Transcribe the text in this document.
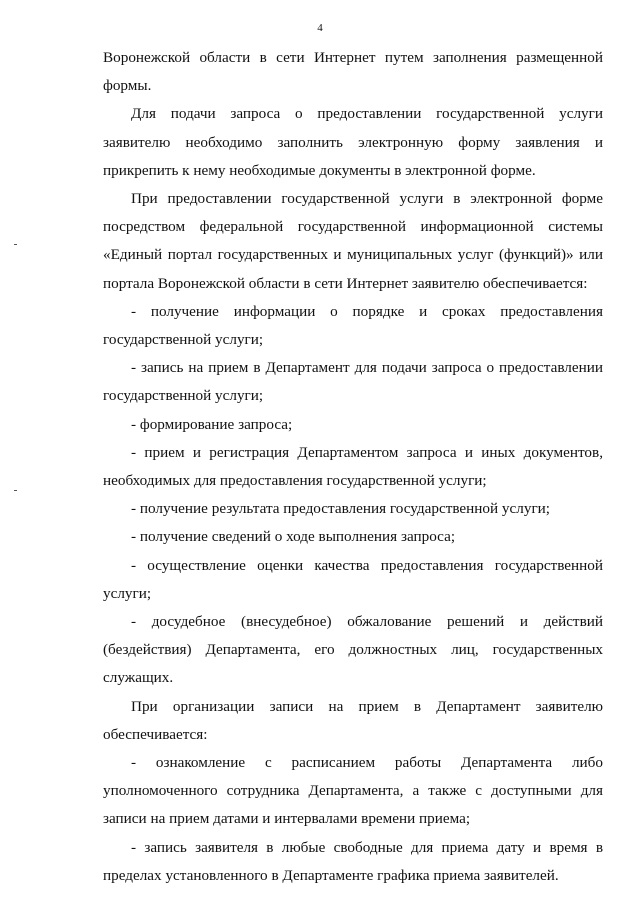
4

Воронежской области в сети Интернет путем заполнения размещенной формы.

Для подачи запроса о предоставлении государственной услуги заявителю необходимо заполнить электронную форму заявления и прикрепить к нему необходимые документы в электронной форме.

При предоставлении государственной услуги в электронной форме посредством федеральной государственной информационной системы «Единый портал государственных и муниципальных услуг (функций)» или портала Воронежской области в сети Интернет заявителю обеспечивается:

- получение информации о порядке и сроках предоставления государственной услуги;

- запись на прием в Департамент для подачи запроса о предоставлении государственной услуги;

- формирование запроса;

- прием и регистрация Департаментом запроса и иных документов, необходимых для предоставления государственной услуги;

- получение результата предоставления государственной услуги;

- получение сведений о ходе выполнения запроса;

- осуществление оценки качества предоставления государственной услуги;

- досудебное (внесудебное) обжалование решений и действий (бездействия) Департамента, его должностных лиц, государственных служащих.

При организации записи на прием в Департамент заявителю обеспечивается:

- ознакомление с расписанием работы Департамента либо уполномоченного сотрудника Департамента, а также с доступными для записи на прием датами и интервалами времени приема;

- запись заявителя в любые свободные для приема дату и время в пределах установленного в Департаменте графика приема заявителей.
